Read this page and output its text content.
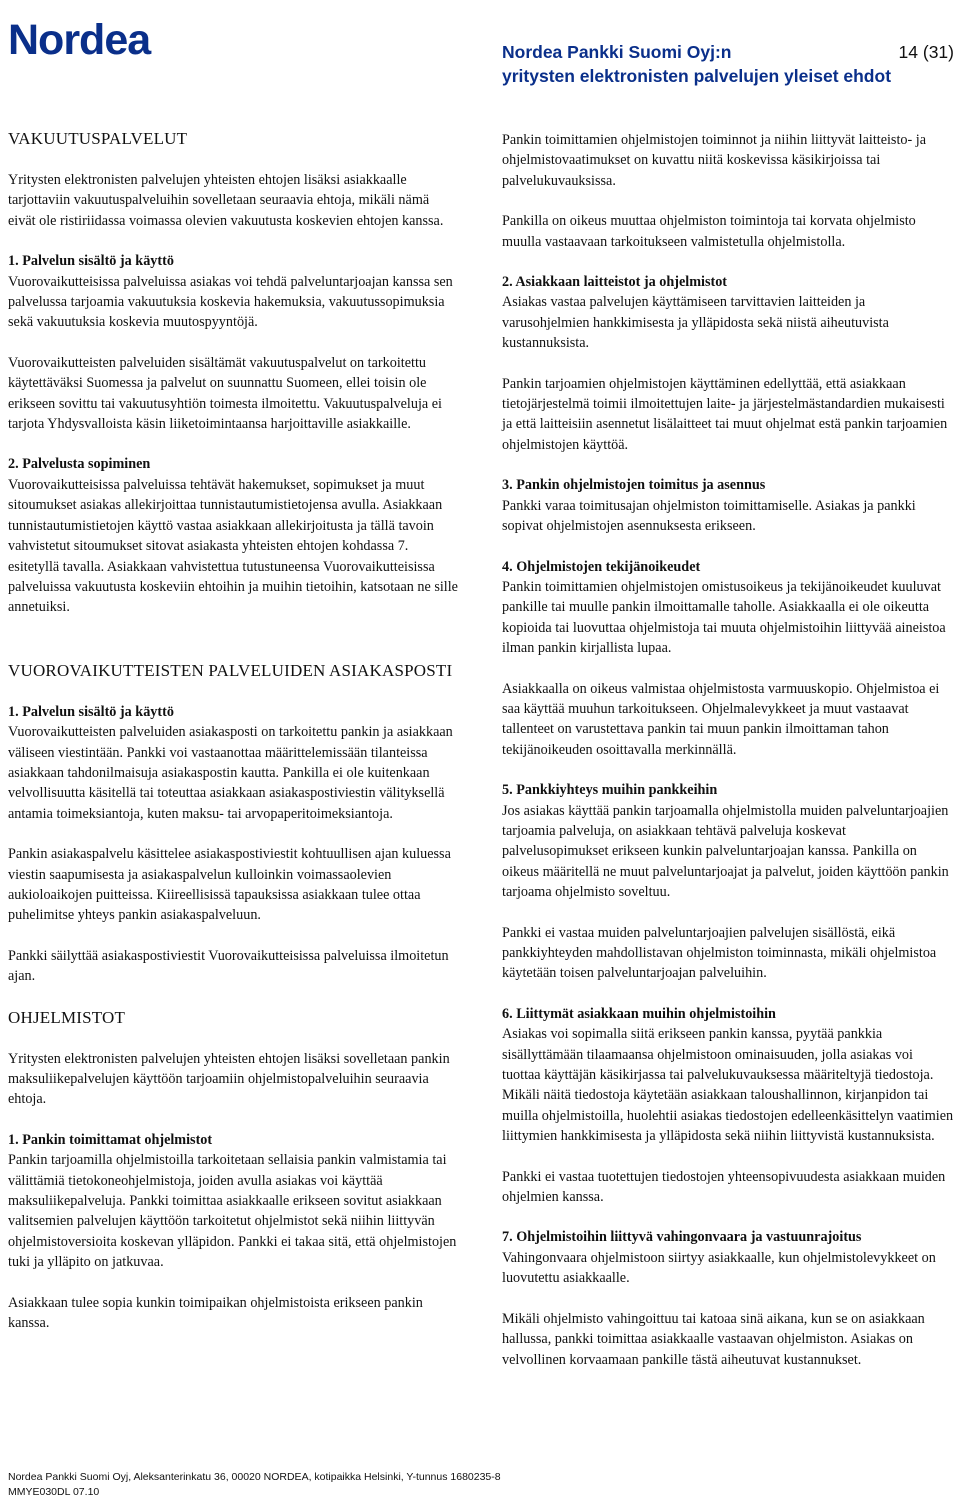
Nordea	Nordea Pankki Suomi Oyj:n	14 (31)
yritysten elektronisten palvelujen yleiset ehdot
VAKUUTUSPALVELUT

Yritysten elektronisten palvelujen yhteisten ehtojen lisäksi asiakkaalle tarjottaviin vakuutuspalveluihin sovelletaan seuraavia ehtoja, mikäli nämä eivät ole ristiriidassa voimassa olevien vakuutusta koskevien ehtojen kanssa.

1. Palvelun sisältö ja käyttö

Vuorovaikutteisissa palveluissa asiakas voi tehdä palveluntarjoajan kanssa sen palvelussa tarjoamia vakuutuksia koskevia hakemuksia, vakuutussopimuksia sekä vakuutuksia koskevia muutospyyntöjä.

Vuorovaikutteisten palveluiden sisältämät vakuutuspalvelut on tarkoitettu käytettäväksi Suomessa ja palvelut on suunnattu Suomeen, ellei toisin ole erikseen sovittu tai vakuutusyhtiön toimesta ilmoitettu. Vakuutuspalveluja ei tarjota Yhdysvalloista käsin liiketoimintaansa harjoittaville asiakkaille.

2. Palvelusta sopiminen

Vuorovaikutteisissa palveluissa tehtävät hakemukset, sopimukset ja muut sitoumukset asiakas allekirjoittaa tunnistautumistietojensa avulla. Asiakkaan tunnistautumistietojen käyttö vastaa asiakkaan allekirjoitusta ja tällä tavoin vahvistetut sitoumukset sitovat asiakasta yhteisten ehtojen kohdassa 7. esitetyllä tavalla. Asiakkaan vahvistettua tutustuneensa Vuorovaikutteisissa palveluissa vakuutusta koskeviin ehtoihin ja muihin tietoihin, katsotaan ne sille annetuiksi.

VUOROVAIKUTTEISTEN PALVELUIDEN ASIAKASPOSTI
1. Palvelun sisältö ja käyttö

Vuorovaikutteisten palveluiden asiakasposti on tarkoitettu pankin ja asiakkaan väliseen viestintään. Pankki voi vastaanottaa määrittelemissään tilanteissa asiakkaan tahdonilmaisuja asiakaspostin kautta. Pankilla ei ole kuitenkaan velvollisuutta käsitellä tai toteuttaa asiakkaan asiakaspostiviestin välityksellä antamia toimeksiantoja, kuten maksu- tai arvopaperitoimeksiantoja.

Pankin asiakaspalvelu käsittelee asiakaspostiviestit kohtuullisen ajan kuluessa viestin saapumisesta ja asiakaspalvelun kulloinkin voimassaolevien aukioloaikojen puitteissa. Kiireellisissä tapauksissa asiakkaan tulee ottaa puhelimitse yhteys pankin asiakaspalveluun.

Pankki säilyttää asiakaspostiviestit Vuorovaikutteisissa palveluissa ilmoitetun ajan.

OHJELMISTOT

Yritysten elektronisten palvelujen yhteisten ehtojen lisäksi sovelletaan pankin maksuliikepalvelujen käyttöön tarjoamiin ohjelmistopalveluihin seuraavia ehtoja.

1. Pankin toimittamat ohjelmistot

Pankin tarjoamilla ohjelmistoilla tarkoitetaan sellaisia pankin valmistamia tai välittämiä tietokoneohjelmistoja, joiden avulla asiakas voi käyttää maksuliikepalveluja. Pankki toimittaa asiakkaalle erikseen sovitut asiakkaan valitsemien palvelujen käyttöön tarkoitetut ohjelmistot sekä niihin liittyvän ohjelmistoversioita koskevan ylläpidon. Pankki ei takaa sitä, että ohjelmistojen tuki ja ylläpito on jatkuvaa.

Asiakkaan tulee sopia kunkin toimipaikan ohjelmistoista erikseen pankin kanssa.

Pankin toimittamien ohjelmistojen toiminnot ja niihin liittyvät laitteisto- ja ohjelmistovaatimukset on kuvattu niitä koskevissa käsikirjoissa tai palvelukuvauksissa.

Pankilla on oikeus muuttaa ohjelmiston toimintoja tai korvata ohjelmisto muulla vastaavaan tarkoitukseen valmistetulla ohjelmistolla.

2. Asiakkaan laitteistot ja ohjelmistot

Asiakas vastaa palvelujen käyttämiseen tarvittavien laitteiden ja varusohjelmien hankkimisesta ja ylläpidosta sekä niistä aiheutuvista kustannuksista.

Pankin tarjoamien ohjelmistojen käyttäminen edellyttää, että asiakkaan tietojärjestelmä toimii ilmoitettujen laite- ja järjestelmästandardien mukaisesti ja että laitteisiin asennetut lisälaitteet tai muut ohjelmat estä pankin tarjoamien ohjelmistojen käyttöä.

3. Pankin ohjelmistojen toimitus ja asennus

Pankki varaa toimitusajan ohjelmiston toimittamiselle. Asiakas ja pankki sopivat ohjelmistojen asennuksesta erikseen.

4. Ohjelmistojen tekijänoikeudet

Pankin toimittamien ohjelmistojen omistusoikeus ja tekijänoikeudet kuuluvat pankille tai muulle pankin ilmoittamalle taholle. Asiakkaalla ei ole oikeutta kopioida tai luovuttaa ohjelmistoja tai muuta ohjelmistoihin liittyvää aineistoa ilman pankin kirjallista lupaa.

Asiakkaalla on oikeus valmistaa ohjelmistosta varmuuskopio. Ohjelmistoa ei saa käyttää muuhun tarkoitukseen. Ohjelmalevykkeet ja muut vastaavat tallenteet on varustettava pankin tai muun pankin ilmoittaman tahon tekijänoikeuden osoittavalla merkinnällä.

5. Pankkiyhteys muihin pankkeihin

Jos asiakas käyttää pankin tarjoamalla ohjelmistolla muiden palveluntarjoajien tarjoamia palveluja, on asiakkaan tehtävä palveluja koskevat palvelusopimukset erikseen kunkin palveluntarjoajan kanssa. Pankilla on oikeus määritellä ne muut palveluntarjoajat ja palvelut, joiden käyttöön pankin tarjoama ohjelmisto soveltuu.

Pankki ei vastaa muiden palveluntarjoajien palvelujen sisällöstä, eikä pankkiyhteyden mahdollistavan ohjelmiston toiminnasta, mikäli ohjelmistoa käytetään toisen palveluntarjoajan palveluihin.

6. Liittymät asiakkaan muihin ohjelmistoihin

Asiakas voi sopimalla siitä erikseen pankin kanssa, pyytää pankkia sisällyttämään tilaamaansa ohjelmistoon ominaisuuden, jolla asiakas voi tuottaa käyttäjän käsikirjassa tai palvelukuvauksessa määriteltyjä tiedostoja. Mikäli näitä tiedostoja käytetään asiakkaan taloushallinnon, kirjanpidon tai muilla ohjelmistoilla, huolehtii asiakas tiedostojen edelleenkäsittelyn vaatimien liittymien hankkimisesta ja ylläpidosta sekä niihin liittyvistä kustannuksista.

Pankki ei vastaa tuotettujen tiedostojen yhteensopivuudesta asiakkaan muiden ohjelmien kanssa.

7. Ohjelmistoihin liittyvä vahingonvaara ja vastuunrajoitus

Vahingonvaara ohjelmistoon siirtyy asiakkaalle, kun ohjelmistolevykkeet on luovutettu asiakkaalle.

Mikäli ohjelmisto vahingoittuu tai katoaa sinä aikana, kun se on asiakkaan hallussa, pankki toimittaa asiakkaalle vastaavan ohjelmiston. Asiakas on velvollinen korvaamaan pankille tästä aiheutuvat kustannukset.

Nordea Pankki Suomi Oyj, Aleksanterinkatu 36, 00020 NORDEA, kotipaikka Helsinki, Y-tunnus 1680235-8
MMYE030DL 07.10
